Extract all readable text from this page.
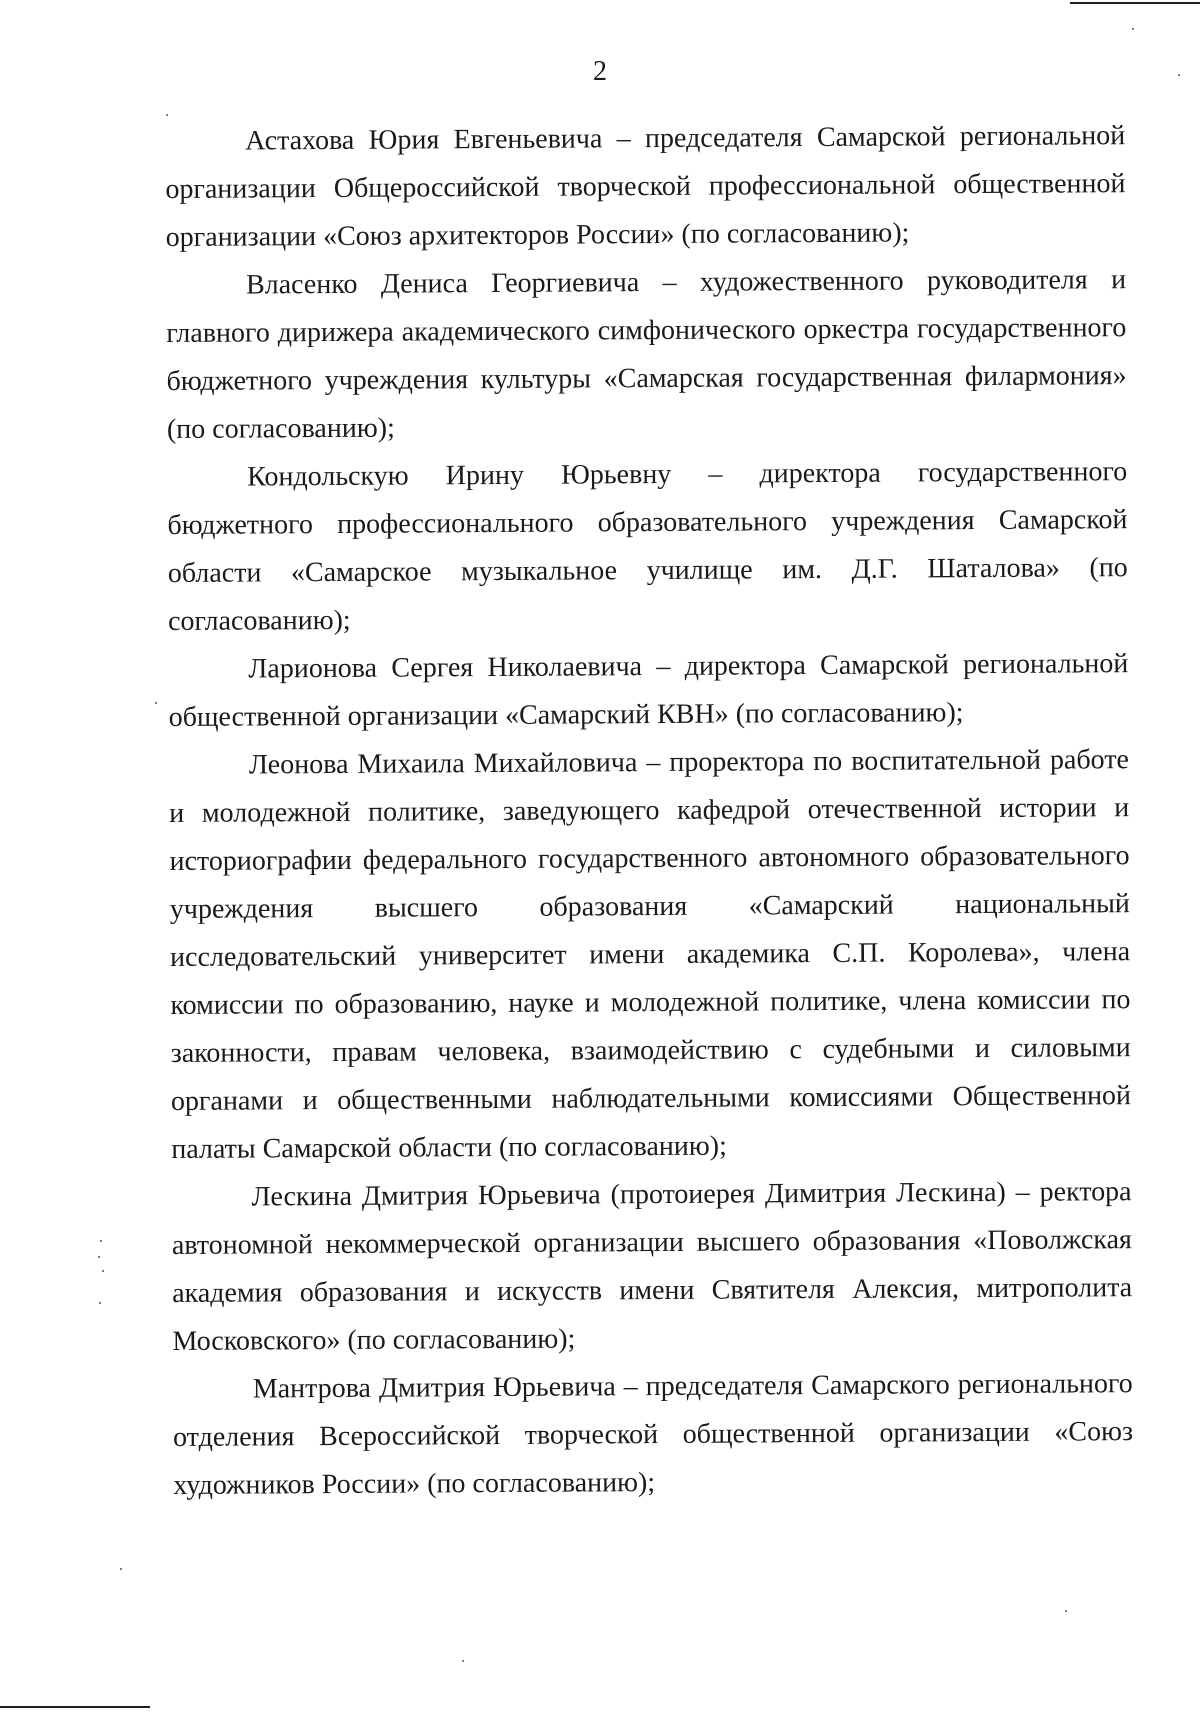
2

Астахова Юрия Евгеньевича – председателя Самарской региональной организации Общероссийской творческой профессиональной общественной организации «Союз архитекторов России» (по согласованию);

Власенко Дениса Георгиевича – художественного руководителя и главного дирижера академического симфонического оркестра государственного бюджетного учреждения культуры «Самарская государственная филармония» (по согласованию);

Кондольскую Ирину Юрьевну – директора государственного бюджетного профессионального образовательного учреждения Самарской области «Самарское музыкальное училище им. Д.Г. Шаталова» (по согласованию);

Ларионова Сергея Николаевича – директора Самарской региональной общественной организации «Самарский КВН» (по согласованию);

Леонова Михаила Михайловича – проректора по воспитательной работе и молодежной политике, заведующего кафедрой отечественной истории и историографии федерального государственного автономного образовательного учреждения высшего образования «Самарский национальный исследовательский университет имени академика С.П. Королева», члена комиссии по образованию, науке и молодежной политике, члена комиссии по законности, правам человека, взаимодействию с судебными и силовыми органами и общественными наблюдательными комиссиями Общественной палаты Самарской области (по согласованию);

Лескина Дмитрия Юрьевича (протоиерея Димитрия Лескина) – ректора автономной некоммерческой организации высшего образования «Поволжская академия образования и искусств имени Святителя Алексия, митрополита Московского» (по согласованию);

Мантрова Дмитрия Юрьевича – председателя Самарского регионального отделения Всероссийской творческой общественной организации «Союз художников России» (по согласованию);
